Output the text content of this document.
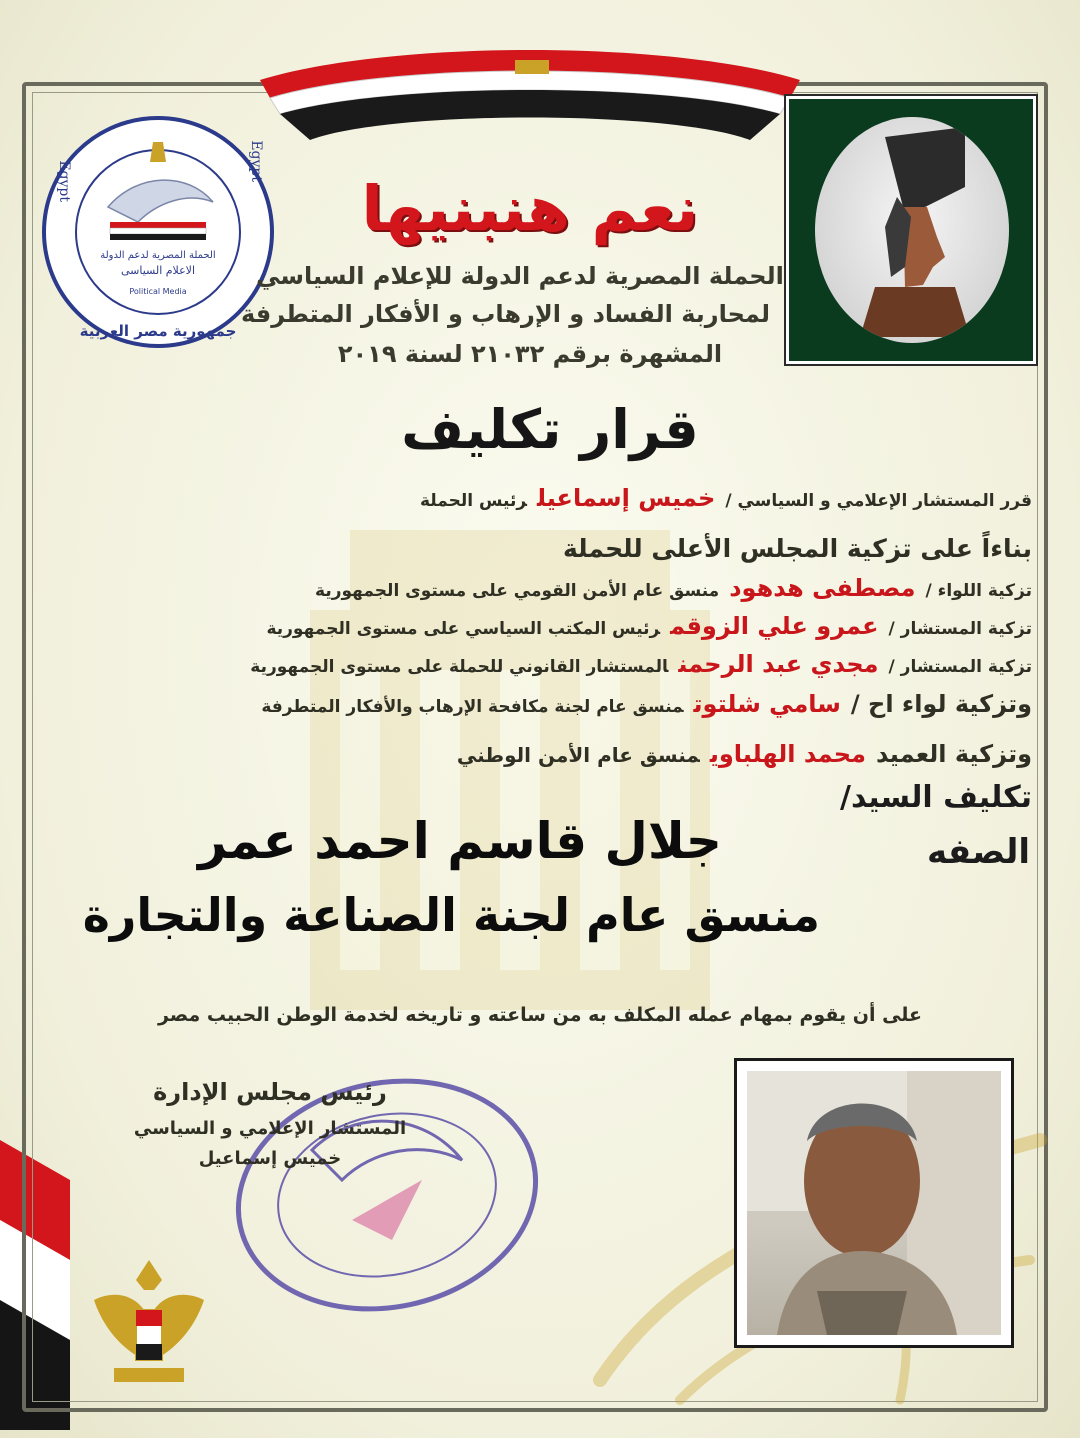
Egypt	Egypt
الحملة المصرية لدعم الدولة
الاعلام السياسى
Political Media
جمهورية مصر العربية
نعم هنبنيها
الحملة المصرية لدعم الدولة للإعلام السياسي
لمحاربة الفساد و الإرهاب و الأفكار المتطرفة
المشهرة برقم ٢١٠٣٢ لسنة ٢٠١٩
قرار تكليف
قرر المستشار الإعلامي و السياسي /خميس إسماعيلرئيس الحملة
بناءاً على تزكية المجلس الأعلى للحملة
تزكية اللواء /مصطفى هدهودمنسق عام الأمن القومي على مستوى الجمهورية
تزكية المستشار /عمرو علي الزوقمرئيس المكتب السياسي على مستوى الجمهورية
تزكية المستشار /مجدي عبد الرحمنالمستشار القانوني للحملة على مستوى الجمهورية
وتزكية لواء اح /سامي شلتوتمنسق عام لجنة مكافحة الإرهاب والأفكار المتطرفة
وتزكية العميدمحمد الهلباويمنسق عام الأمن الوطني
تكليف السيد/
الصفه
جلال قاسم احمد عمر
منسق عام لجنة الصناعة والتجارة
على أن يقوم بمهام عمله المكلف به من ساعته و تاريخه لخدمة الوطن الحبيب مصر
رئيس مجلس الإدارة
المستشار الإعلامي و السياسي
خميس إسماعيل
